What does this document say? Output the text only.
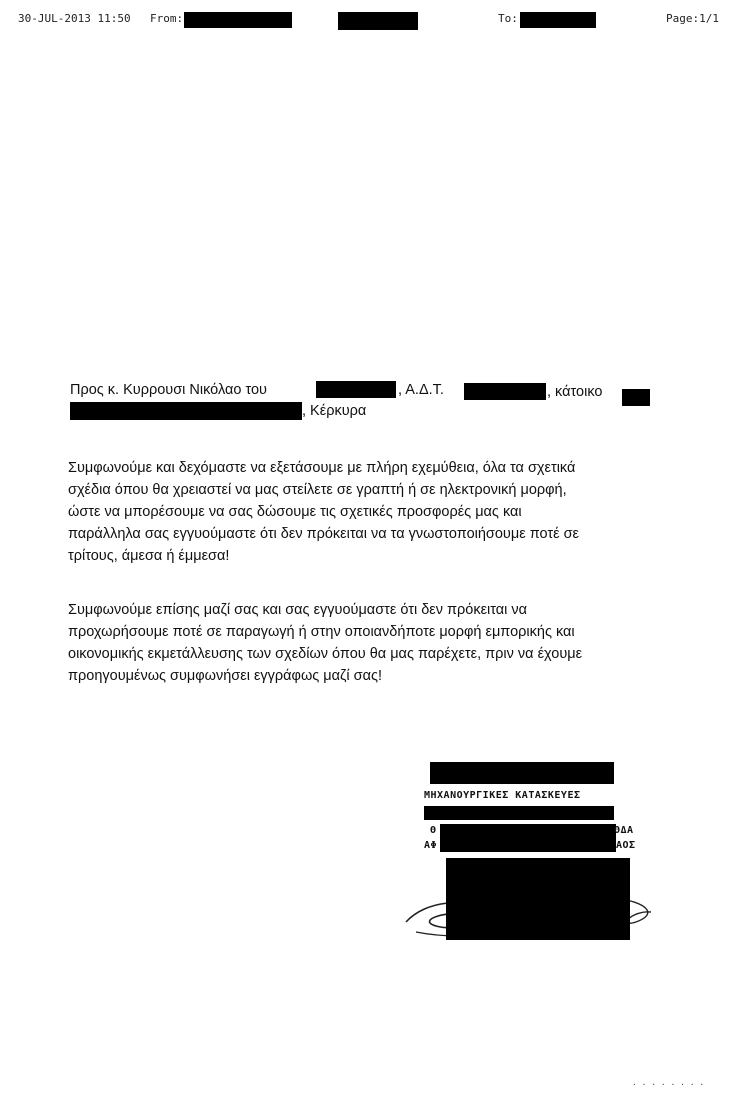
30-JUL-2013 11:50 From:	To:	Page:1/1
Προς κ. Κυρρουσι Νικόλαο του	, Α.Δ.Τ.	, κάτοικο
, Κέρκυρα
Συμφωνούμε και δεχόμαστε να εξετάσουμε με πλήρη εχεμύθεια, όλα τα σχετικά
σχέδια όπου θα χρειαστεί να μας στείλετε σε γραπτή ή σε ηλεκτρονική μορφή,
ώστε να μπορέσουμε να σας δώσουμε τις σχετικές προσφορές μας και
παράλληλα σας εγγυούμαστε ότι δεν πρόκειται να τα γνωστοποιήσουμε ποτέ σε
τρίτους, άμεσα ή έμμεσα!
Συμφωνούμε επίσης μαζί σας και σας εγγυούμαστε ότι δεν πρόκειται να
προχωρήσουμε ποτέ σε παραγωγή ή στην οποιανδήποτε μορφή εμπορικής και
οικονομικής εκμετάλλευσης των σχεδίων όπου θα μας παρέχετε, πριν να έχουμε
προηγουμένως συμφωνήσει εγγράφως μαζί σας!
ΜΗΧΑΝΟΥΡΓΙΚΕΣ ΚΑΤΑΣΚΕΥΕΣ
Θ	ΘΔΑ
ΑΦ	ΑΟΣ
· · · · · · · ·
